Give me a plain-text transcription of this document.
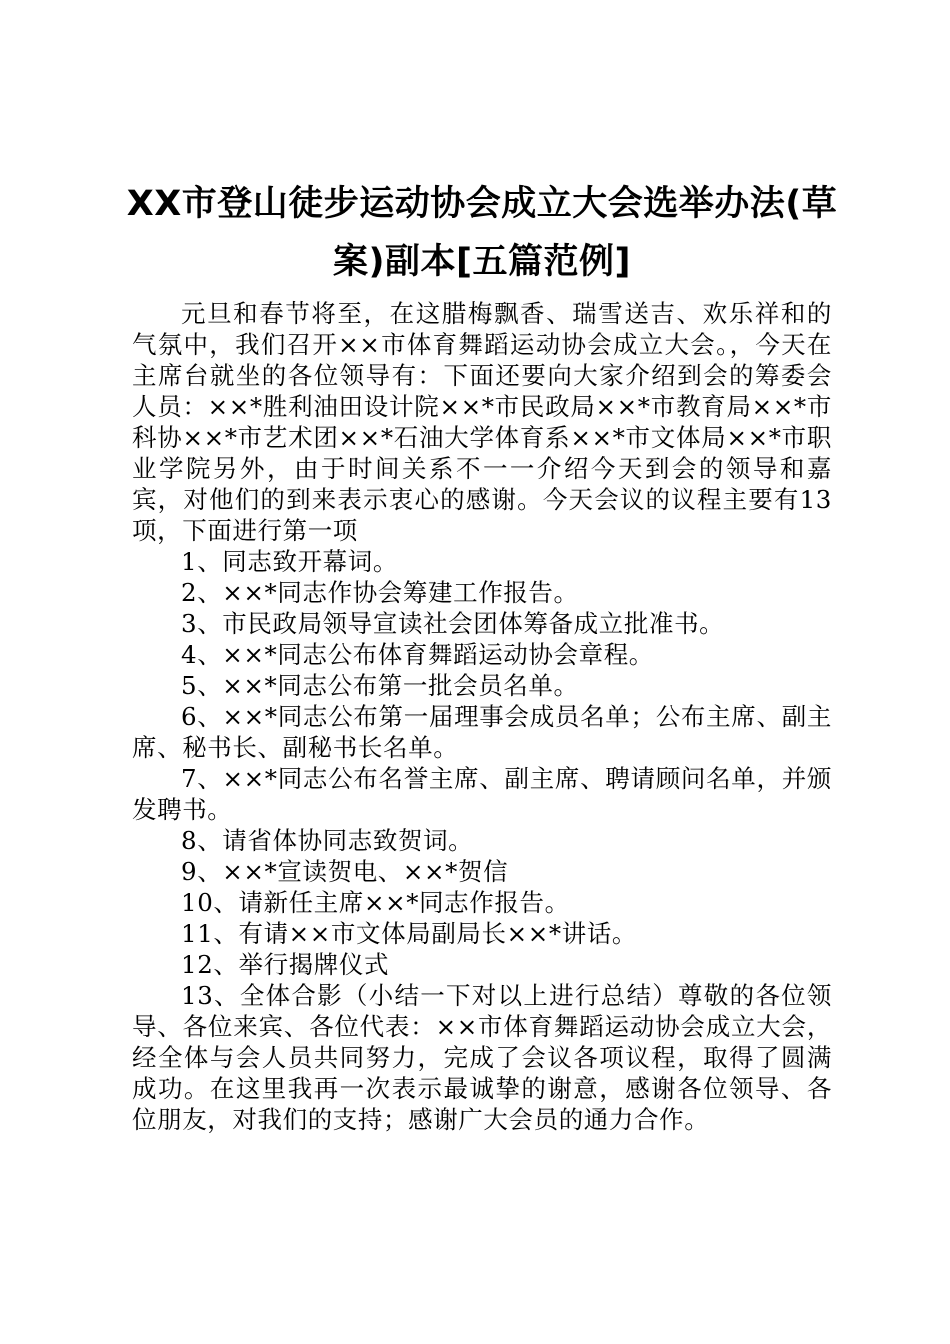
XX市登山徒步运动协会成立大会选举办法(草案)副本[五篇范例]

元旦和春节将至，在这腊梅飘香、瑞雪送吉、欢乐祥和的气氛中，我们召开××市体育舞蹈运动协会成立大会。，今天在主席台就坐的各位领导有：下面还要向大家介绍到会的筹委会人员：××*胜利油田设计院××*市民政局××*市教育局××*市科协××*市艺术团××*石油大学体育系××*市文体局××*市职业学院另外，由于时间关系不一一介绍今天到会的领导和嘉宾，对他们的到来表示衷心的感谢。今天会议的议程主要有13项，下面进行第一项

1、同志致开幕词。

2、××*同志作协会筹建工作报告。

3、市民政局领导宣读社会团体筹备成立批准书。

4、××*同志公布体育舞蹈运动协会章程。

5、××*同志公布第一批会员名单。

6、××*同志公布第一届理事会成员名单；公布主席、副主席、秘书长、副秘书长名单。

7、××*同志公布名誉主席、副主席、聘请顾问名单，并颁发聘书。

8、请省体协同志致贺词。

9、××*宣读贺电、××*贺信

10、请新任主席××*同志作报告。

11、有请××市文体局副局长××*讲话。

12、举行揭牌仪式

13、全体合影（小结一下对以上进行总结）尊敬的各位领导、各位来宾、各位代表：××市体育舞蹈运动协会成立大会，经全体与会人员共同努力，完成了会议各项议程，取得了圆满成功。在这里我再一次表示最诚挚的谢意，感谢各位领导、各位朋友，对我们的支持；感谢广大会员的通力合作。
